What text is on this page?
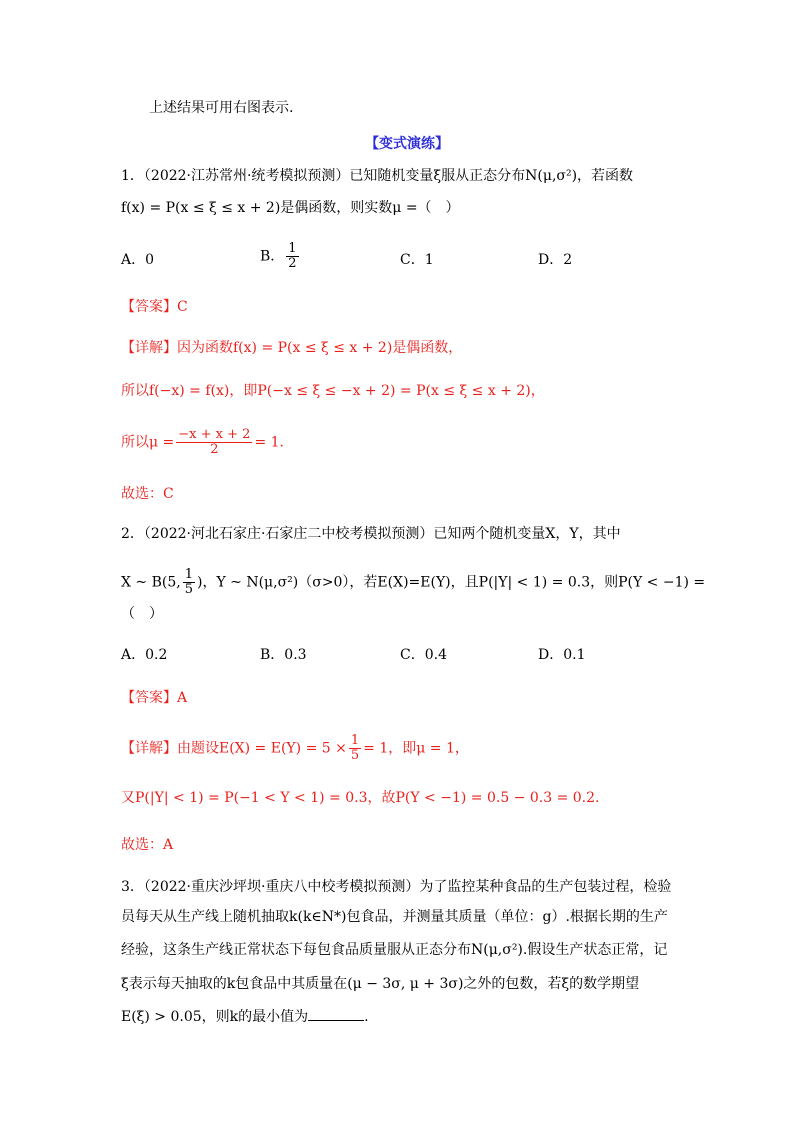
上述结果可用右图表示.
【变式演练】
1．（2022·江苏常州·统考模拟预测）已知随机变量ξ服从正态分布N(μ,σ²)，若函数
f(x) = P(x ≤ ξ ≤ x + 2)是偶函数，则实数μ =（　）
A．0	B． $\frac{1}{2}$	C．1	D．2
【答案】C
【详解】因为函数f(x) = P(x ≤ ξ ≤ x + 2)是偶函数，
所以f(−x) = f(x)，即P(−x ≤ ξ ≤ −x + 2) = P(x ≤ ξ ≤ x + 2)，
所以$\mu = \frac{-x + x + 2}{2} = 1$.
故选：C
2．（2022·河北石家庄·石家庄二中校考模拟预测）已知两个随机变量X，Y，其中
X ~ B(5, $\frac{1}{5}$ )，Y ~ N(μ,σ²)（σ>0），若E(X)=E(Y)，且P(|Y| < 1) = 0.3，则P(Y < −1) =
（　）
A．0.2	B．0.3	C．0.4	D．0.1
【答案】A
【详解】由题设$E(X) = E(Y) = 5 \times \frac{1}{5} = 1$，即μ = 1，
又P(|Y| < 1) = P(−1 < Y < 1) = 0.3，故P(Y < −1) = 0.5 − 0.3 = 0.2.
故选：A
3．（2022·重庆沙坪坝·重庆八中校考模拟预测）为了监控某种食品的生产包装过程，检验
员每天从生产线上随机抽取k(k∈N*)包食品，并测量其质量（单位：g）.根据长期的生产
经验，这条生产线正常状态下每包食品质量服从正态分布N(μ,σ²).假设生产状态正常，记
ξ表示每天抽取的k包食品中其质量在(μ − 3σ, μ + 3σ)之外的包数，若ξ的数学期望
E(ξ) > 0.05，则k的最小值为	.
